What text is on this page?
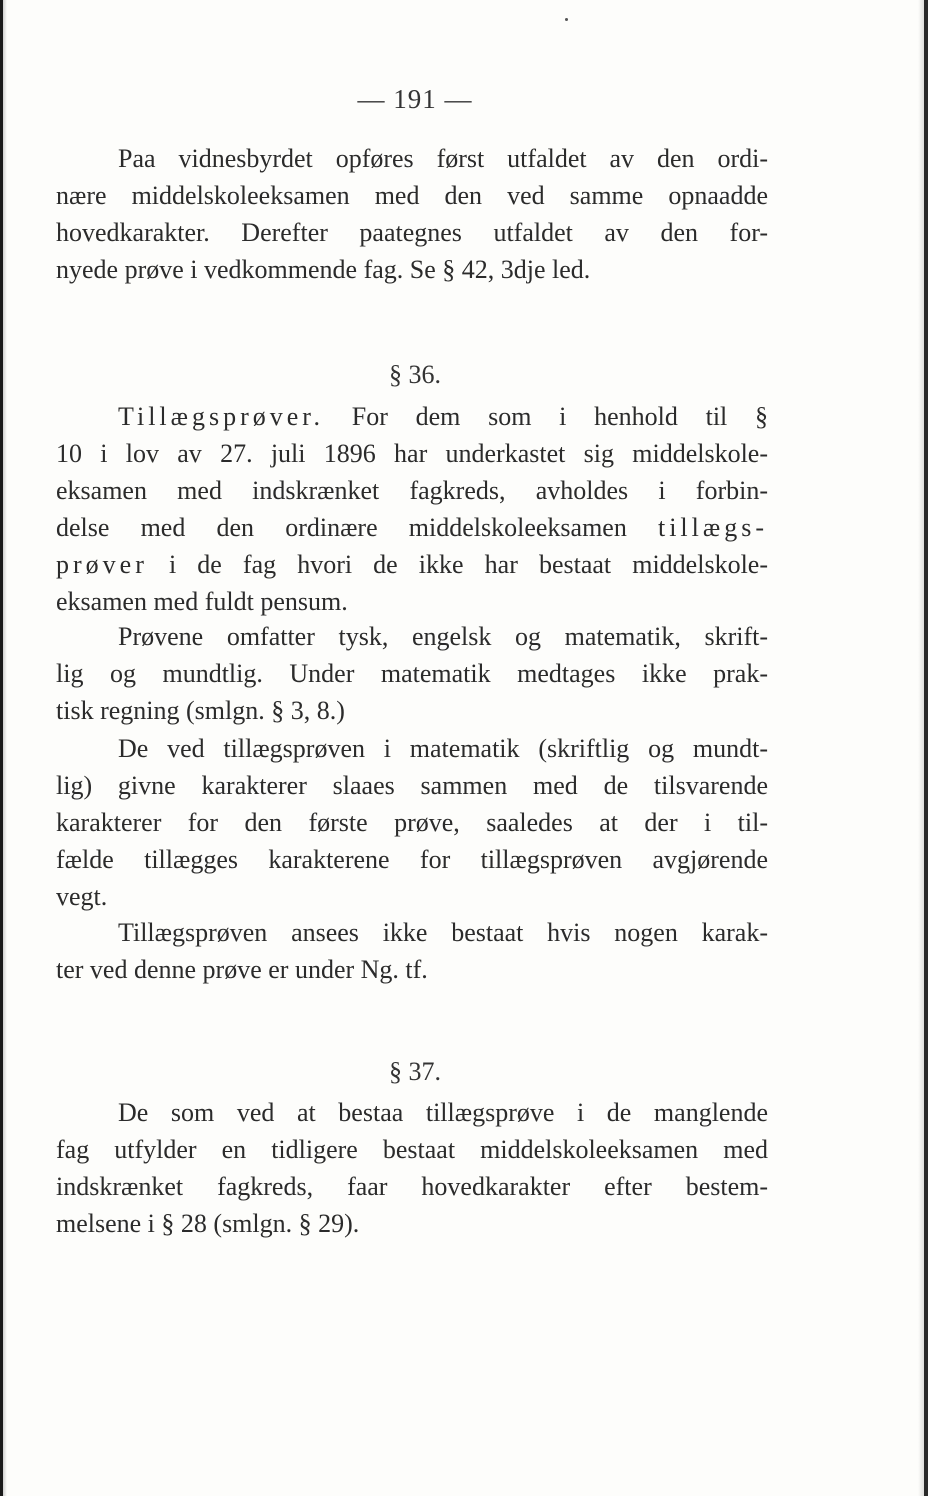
— 191 —
Paa vidnesbyrdet opføres først utfaldet av den ordi-
nære middelskoleeksamen med den ved samme opnaadde
hovedkarakter. Derefter paategnes utfaldet av den for-
nyede prøve i vedkommende fag. Se § 42, 3dje led.
§ 36.
Tillægsprøver. For dem som i henhold til §
10 i lov av 27. juli 1896 har underkastet sig middelskole-
eksamen med indskrænket fagkreds, avholdes i forbin-
delse med den ordinære middelskoleeksamen tillægs-
prøver i de fag hvori de ikke har bestaat middelskole-
eksamen med fuldt pensum.
Prøvene omfatter tysk, engelsk og matematik, skrift-
lig og mundtlig. Under matematik medtages ikke prak-
tisk regning (smlgn. § 3, 8.)
De ved tillægsprøven i matematik (skriftlig og mundt-
lig) givne karakterer slaaes sammen med de tilsvarende
karakterer for den første prøve, saaledes at der i til-
fælde tillægges karakterene for tillægsprøven avgjørende
vegt.
Tillægsprøven ansees ikke bestaat hvis nogen karak-
ter ved denne prøve er under Ng. tf.
§ 37.
De som ved at bestaa tillægsprøve i de manglende
fag utfylder en tidligere bestaat middelskoleeksamen med
indskrænket fagkreds, faar hovedkarakter efter bestem-
melsene i § 28 (smlgn. § 29).
